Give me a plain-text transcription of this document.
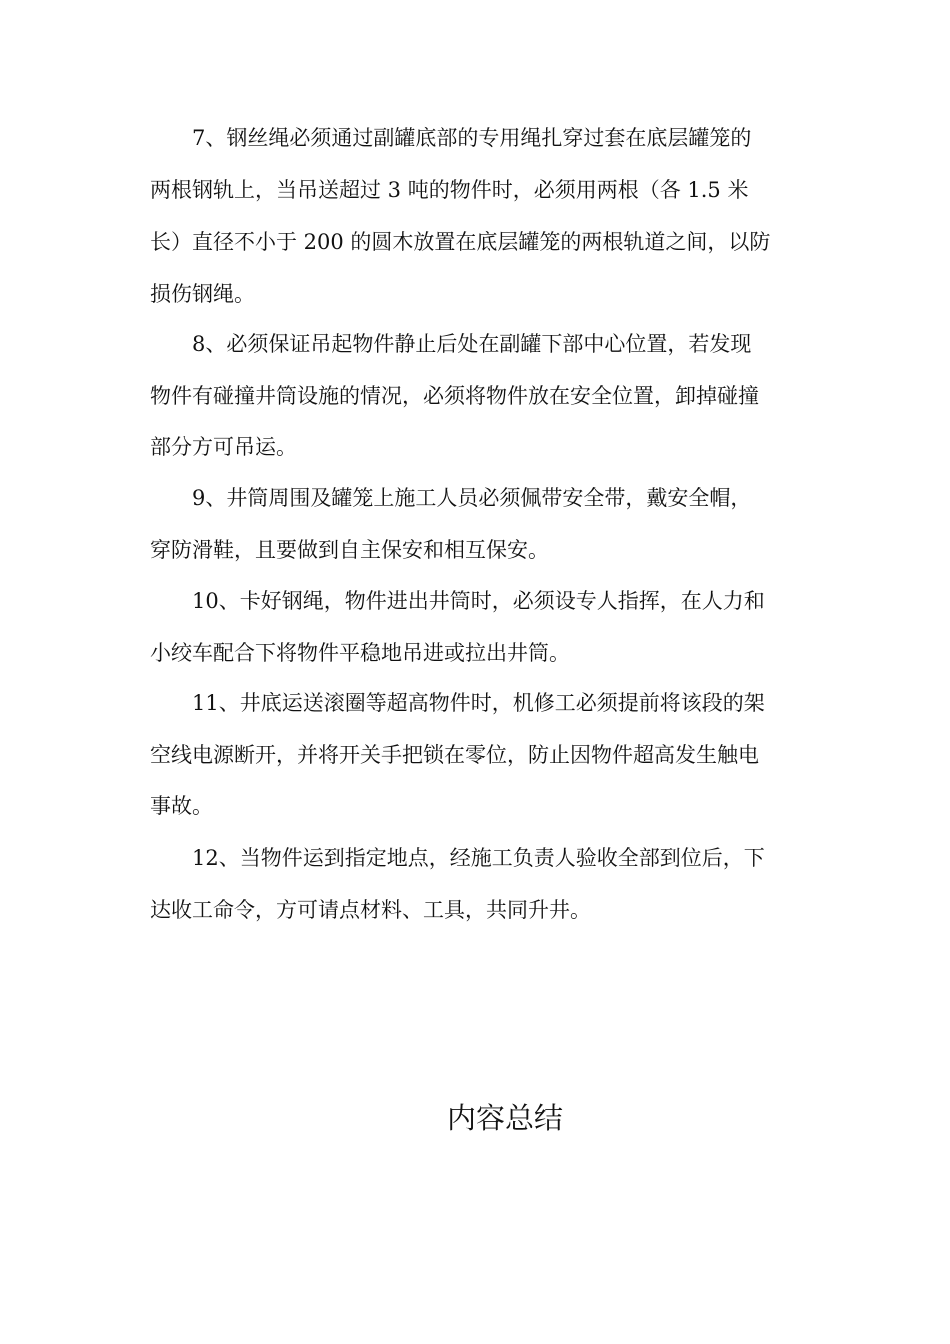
7、钢丝绳必须通过副罐底部的专用绳扎穿过套在底层罐笼的
两根钢轨上，当吊送超过 3 吨的物件时，必须用两根（各 1.5 米
长）直径不小于 200 的圆木放置在底层罐笼的两根轨道之间，以防
损伤钢绳。
8、必须保证吊起物件静止后处在副罐下部中心位置，若发现
物件有碰撞井筒设施的情况，必须将物件放在安全位置，卸掉碰撞
部分方可吊运。
9、井筒周围及罐笼上施工人员必须佩带安全带，戴安全帽，
穿防滑鞋，且要做到自主保安和相互保安。
10、卡好钢绳，物件进出井筒时，必须设专人指挥，在人力和
小绞车配合下将物件平稳地吊进或拉出井筒。
11、井底运送滚圈等超高物件时，机修工必须提前将该段的架
空线电源断开，并将开关手把锁在零位，防止因物件超高发生触电
事故。
12、当物件运到指定地点，经施工负责人验收全部到位后，下
达收工命令，方可请点材料、工具，共同升井。
内容总结
